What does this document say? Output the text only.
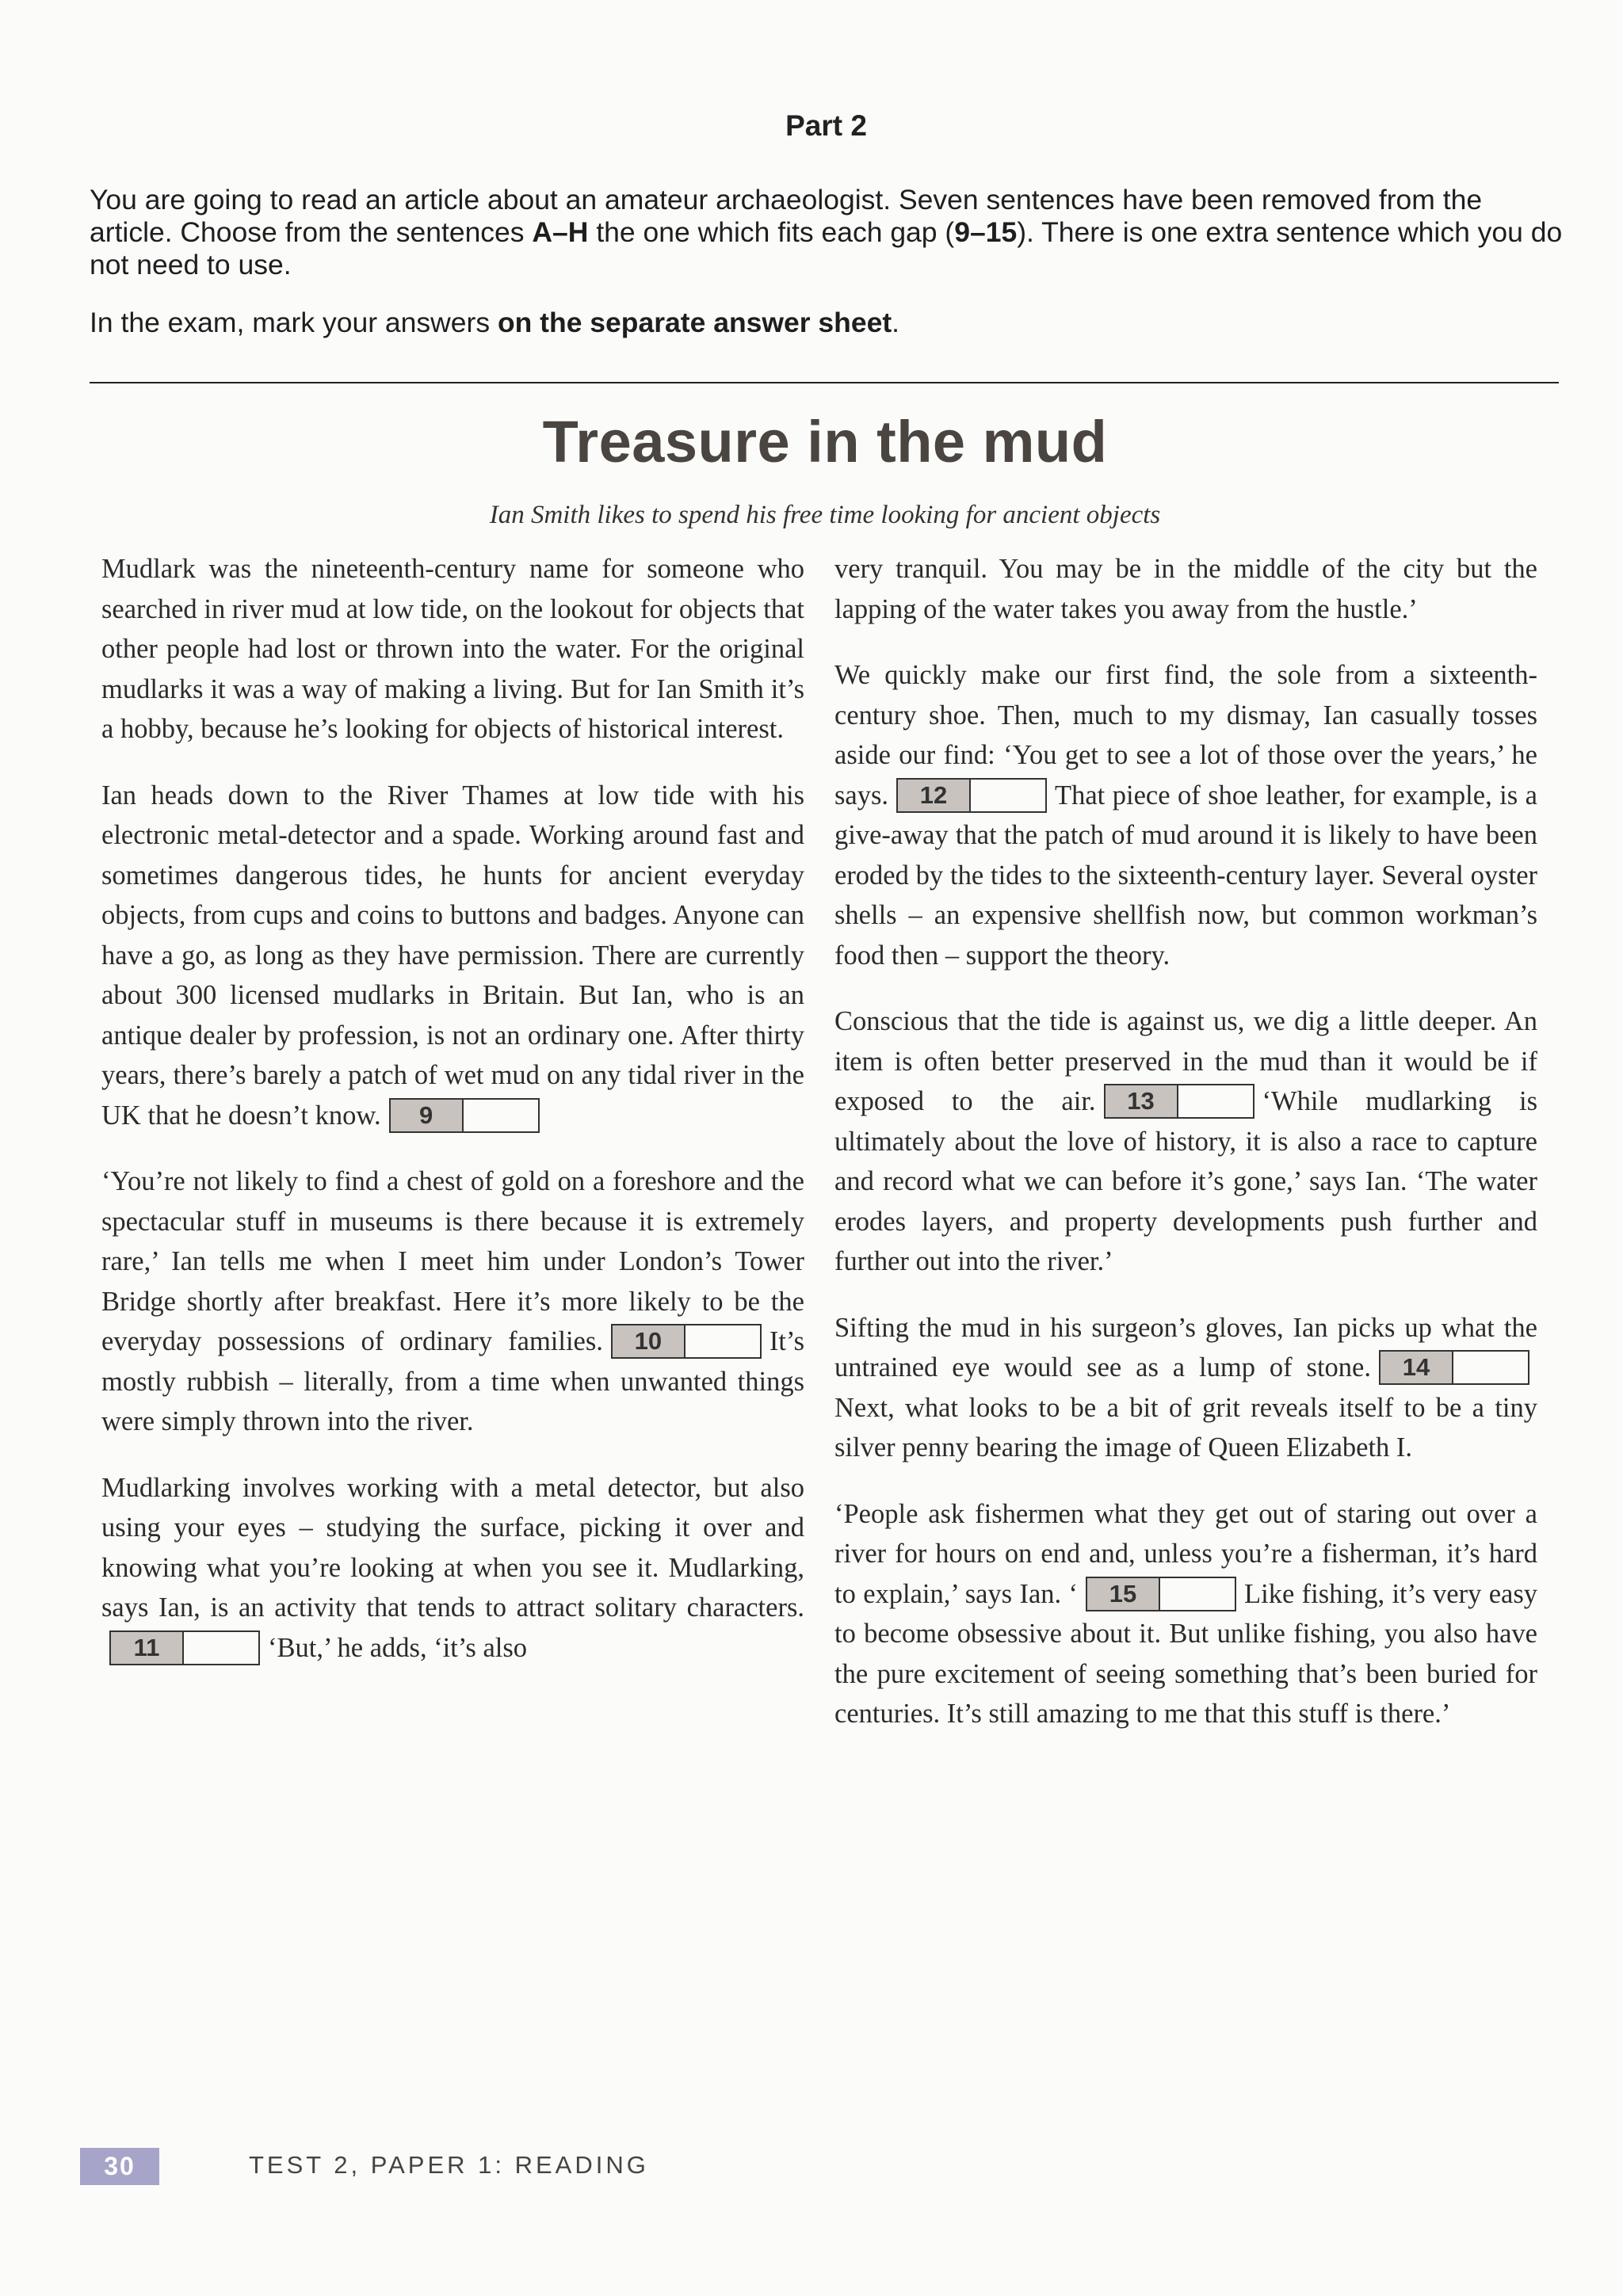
Part 2

You are going to read an article about an amateur archaeologist. Seven sentences have been removed from the article. Choose from the sentences A–H the one which fits each gap (9–15). There is one extra sentence which you do not need to use.

In the exam, mark your answers on the separate answer sheet.

Treasure in the mud
Ian Smith likes to spend his free time looking for ancient objects

Mudlark was the nineteenth-century name for someone who searched in river mud at low tide, on the lookout for objects that other people had lost or thrown into the water. For the original mudlarks it was a way of making a living. But for Ian Smith it’s a hobby, because he’s looking for objects of historical interest.

Ian heads down to the River Thames at low tide with his electronic metal-detector and a spade. Working around fast and sometimes dangerous tides, he hunts for ancient everyday objects, from cups and coins to buttons and badges. Anyone can have a go, as long as they have permission. There are currently about 300 licensed mudlarks in Britain. But Ian, who is an antique dealer by profession, is not an ordinary one. After thirty years, there’s barely a patch of wet mud on any tidal river in the UK that he doesn’t know. 9

‘You’re not likely to find a chest of gold on a foreshore and the spectacular stuff in museums is there because it is extremely rare,’ Ian tells me when I meet him under London’s Tower Bridge shortly after breakfast. Here it’s more likely to be the everyday possessions of ordinary families. 10	It’s mostly rubbish – literally, from a time when unwanted things were simply thrown into the river.

Mudlarking involves working with a metal detector, but also using your eyes – studying the surface, picking it over and knowing what you’re looking at when you see it. Mudlarking, says Ian, is an activity that tends to attract solitary characters.11	‘But,’ he adds, ‘it’s also

very tranquil. You may be in the middle of the city but the lapping of the water takes you away from the hustle.’

We quickly make our first find, the sole from a sixteenth-century shoe. Then, much to my dismay, Ian casually tosses aside our find: ‘You get to see a lot of those over the years,’ he says. 12	That piece of shoe leather, for example, is a give-away that the patch of mud around it is likely to have been eroded by the tides to the sixteenth-century layer. Several oyster shells – an expensive shellfish now, but common workman’s food then – support the theory.

Conscious that the tide is against us, we dig a little deeper. An item is often better preserved in the mud than it would be if exposed to the air. 13	‘While mudlarking is ultimately about the love of history, it is also a race to capture and record what we can before it’s gone,’ says Ian. ‘The water erodes layers, and property developments push further and further out into the river.’

Sifting the mud in his surgeon’s gloves, Ian picks up what the untrained eye would see as a lump of stone. 14Next, what looks to be a bit of grit reveals itself to be a tiny silver penny bearing the image of Queen Elizabeth I.

‘People ask fishermen what they get out of staring out over a river for hours on end and, unless you’re a fisherman, it’s hard to explain,’ says Ian. ‘ 15	Like fishing, it’s very easy to become obsessive about it. But unlike fishing, you also have the pure excitement of seeing something that’s been buried for centuries. It’s still amazing to me that this stuff is there.’

30	TEST 2, PAPER 1: READING
